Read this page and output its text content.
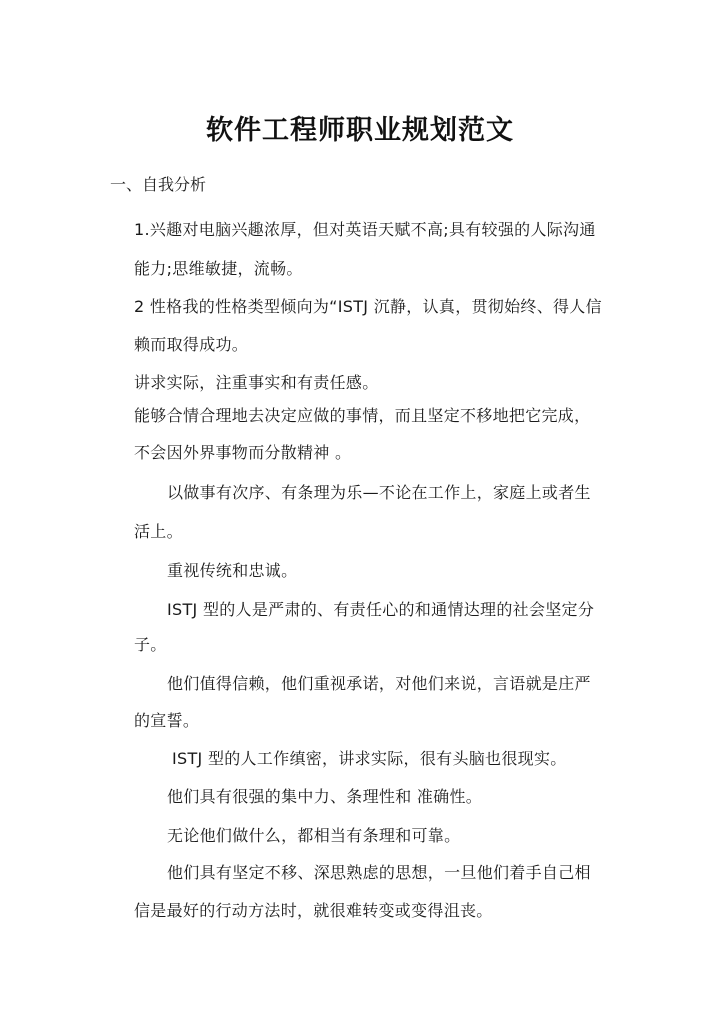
软件工程师职业规划范文
一、自我分析
1.兴趣对电脑兴趣浓厚，但对英语天赋不高;具有较强的人际沟通
能力;思维敏捷，流畅。
2 性格我的性格类型倾向为“ISTJ 沉静，认真，贯彻始终、得人信
赖而取得成功。
讲求实际，注重事实和有责任感。
能够合情合理地去决定应做的事情，而且坚定不移地把它完成，
不会因外界事物而分散精神 。
以做事有次序、有条理为乐—不论在工作上，家庭上或者生
活上。
重视传统和忠诚。
ISTJ 型的人是严肃的、有责任心的和通情达理的社会坚定分
子。
他们值得信赖，他们重视承诺，对他们来说，言语就是庄严
的宣誓。
ISTJ 型的人工作缜密，讲求实际，很有头脑也很现实。
他们具有很强的集中力、条理性和 准确性。
无论他们做什么，都相当有条理和可靠。
他们具有坚定不移、深思熟虑的思想，一旦他们着手自己相
信是最好的行动方法时，就很难转变或变得沮丧。
